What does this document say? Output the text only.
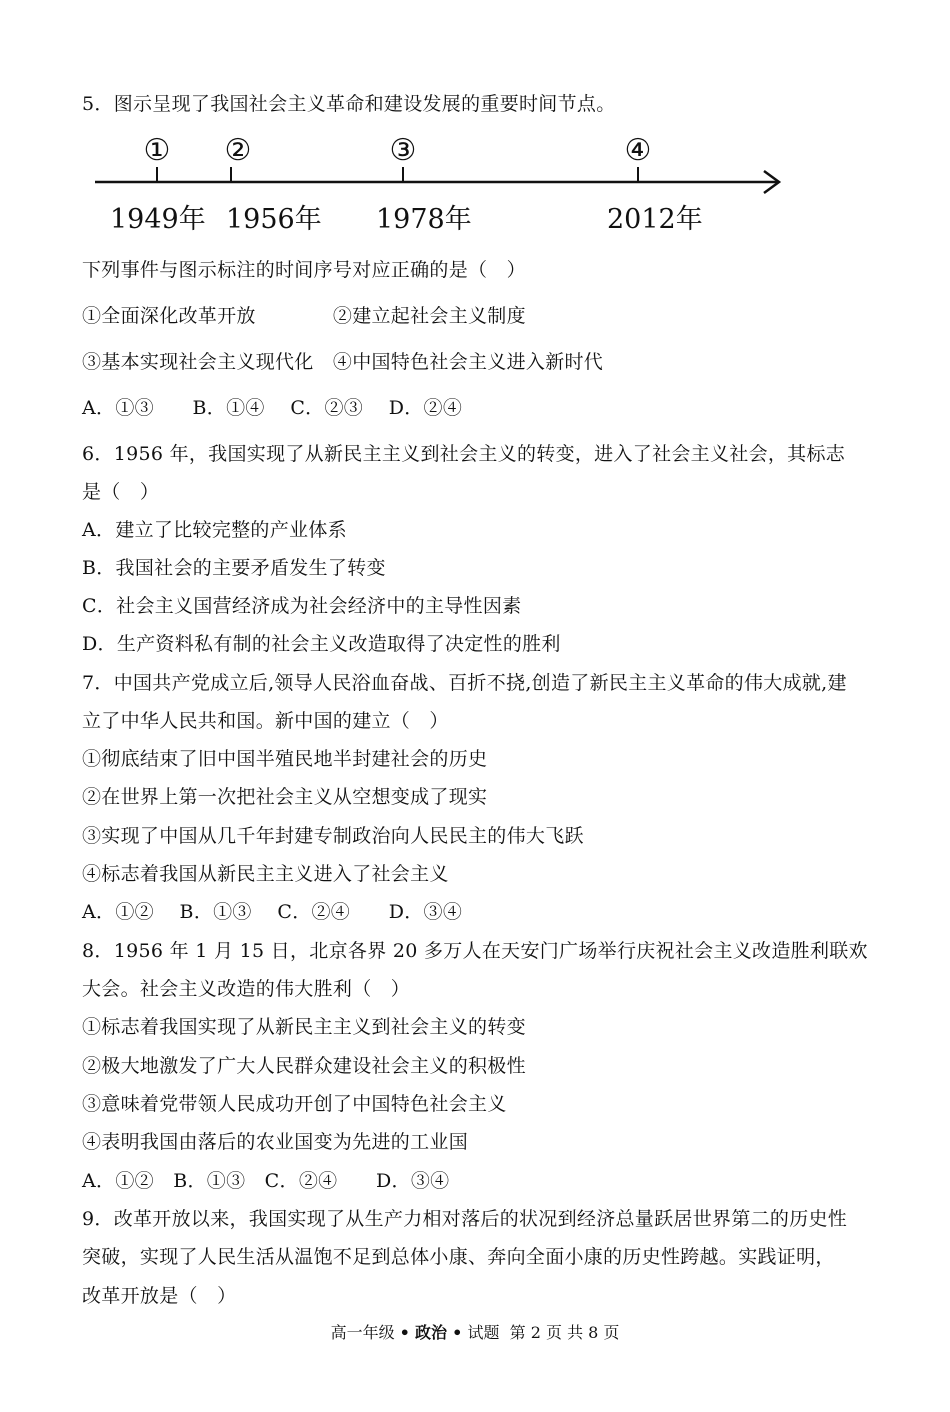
5．图示呈现了我国社会主义革命和建设发展的重要时间节点。
① ②	③	④
1949年 1956年 1978年	2012年
下列事件与图示标注的时间序号对应正确的是（　）
①全面深化改革开放　　　　②建立起社会主义制度
③基本实现社会主义现代化　④中国特色社会主义进入新时代
A．①③　　B．①④　 C．②③　 D．②④
6．1956 年，我国实现了从新民主主义到社会主义的转变，进入了社会主义社会，其标志
是（　）
A．建立了比较完整的产业体系
B．我国社会的主要矛盾发生了转变
C．社会主义国营经济成为社会经济中的主导性因素
D．生产资料私有制的社会主义改造取得了决定性的胜利
7．中国共产党成立后,领导人民浴血奋战、百折不挠,创造了新民主主义革命的伟大成就,建
立了中华人民共和国。新中国的建立（　）
①彻底结束了旧中国半殖民地半封建社会的历史
②在世界上第一次把社会主义从空想变成了现实
③实现了中国从几千年封建专制政治向人民民主的伟大飞跃
④标志着我国从新民主主义进入了社会主义
A．①②　 B．①③　 C．②④　　D．③④
8．1956 年 1 月 15 日，北京各界 20 多万人在天安门广场举行庆祝社会主义改造胜利联欢
大会。社会主义改造的伟大胜利（　）
①标志着我国实现了从新民主主义到社会主义的转变
②极大地激发了广大人民群众建设社会主义的积极性
③意味着党带领人民成功开创了中国特色社会主义
④表明我国由落后的农业国变为先进的工业国
A．①②　B．①③　C．②④　　D．③④
9．改革开放以来，我国实现了从生产力相对落后的状况到经济总量跃居世界第二的历史性
突破，实现了人民生活从温饱不足到总体小康、奔向全面小康的历史性跨越。实践证明，
改革开放是（　）
高一年级 • 政治 • 试题 第 2 页 共 8 页
